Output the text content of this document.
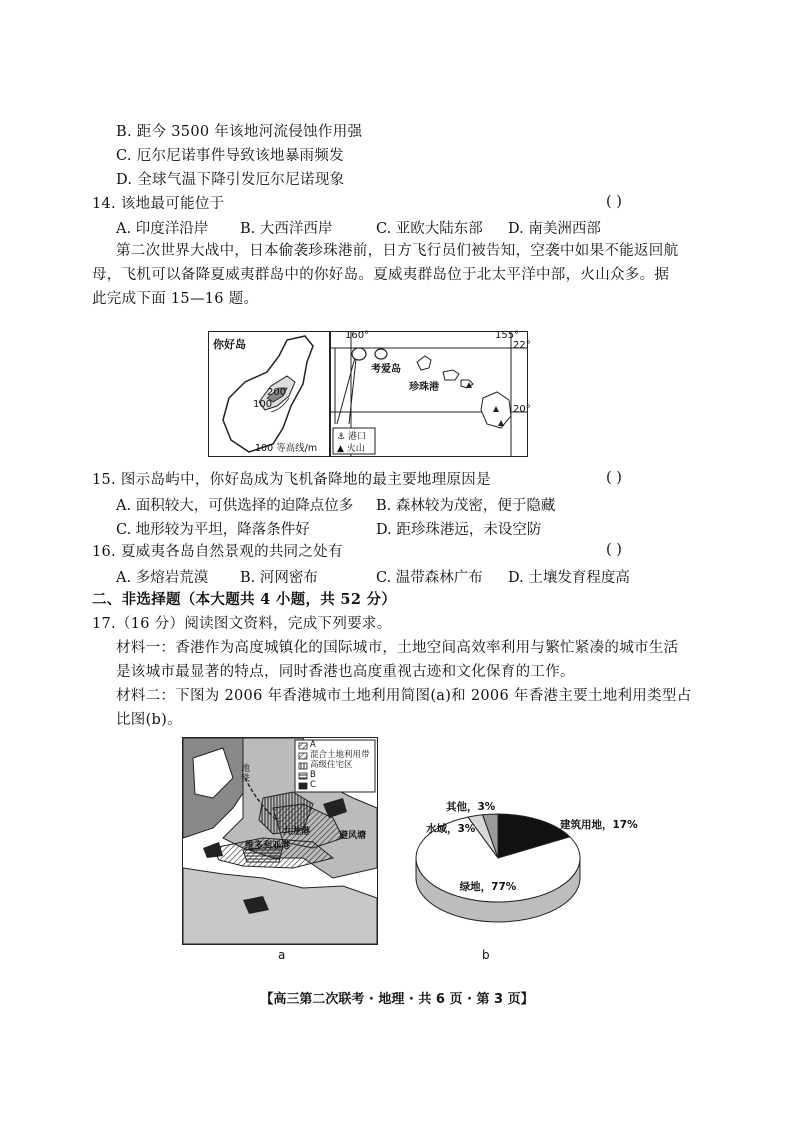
B. 距今 3500 年该地河流侵蚀作用强
C. 厄尔尼诺事件导致该地暴雨频发
D. 全球气温下降引发厄尔尼诺现象
14. 该地最可能位于	( )
A. 印度洋沿岸 B. 大西洋西岸	C. 亚欧大陆东部 D. 南美洲西部
第二次世界大战中，日本偷袭珍珠港前，日方飞行员们被告知，空袭中如果不能返回航
母，飞机可以备降夏威夷群岛中的你好岛。夏威夷群岛位于北太平洋中部，火山众多。据
此完成下面 15—16 题。
你好岛
200
100
100 等高线/m
160°	155°
22°
20°
考爱岛
珍珠港
⚓ 港口
▲ 火山
15. 图示岛屿中，你好岛成为飞机备降地的最主要地理原因是	( )
A. 面积较大，可供选择的迫降点位多 B. 森林较为茂密，便于隐藏
C. 地形较为平坦，降落条件好	D. 距珍珠港远，未设空防
16. 夏威夷各岛自然景观的共同之处有	( )
A. 多熔岩荒漠 B. 河网密布	C. 温带森林广布 D. 土壤发育程度高
二、非选择题（本大题共 4 小题，共 52 分）
17.（16 分）阅读图文资料，完成下列要求。
材料一：香港作为高度城镇化的国际城市，土地空间高效率利用与繁忙紧凑的城市生活
是该城市最显著的特点，同时香港也高度重视古迹和文化保育的工作。
材料二：下图为 2006 年香港城市土地利用简图(a)和 2006 年香港主要土地利用类型占
比图(b)。
A
混合土地利用带
高级住宅区
B
C
地铁
避风塘
九龙港
维多利亚港
a
绿地，77%
建筑用地，17%
水域，3%
其他，3%
b
【高三第二次联考 · 地理 · 共 6 页 · 第 3 页】
